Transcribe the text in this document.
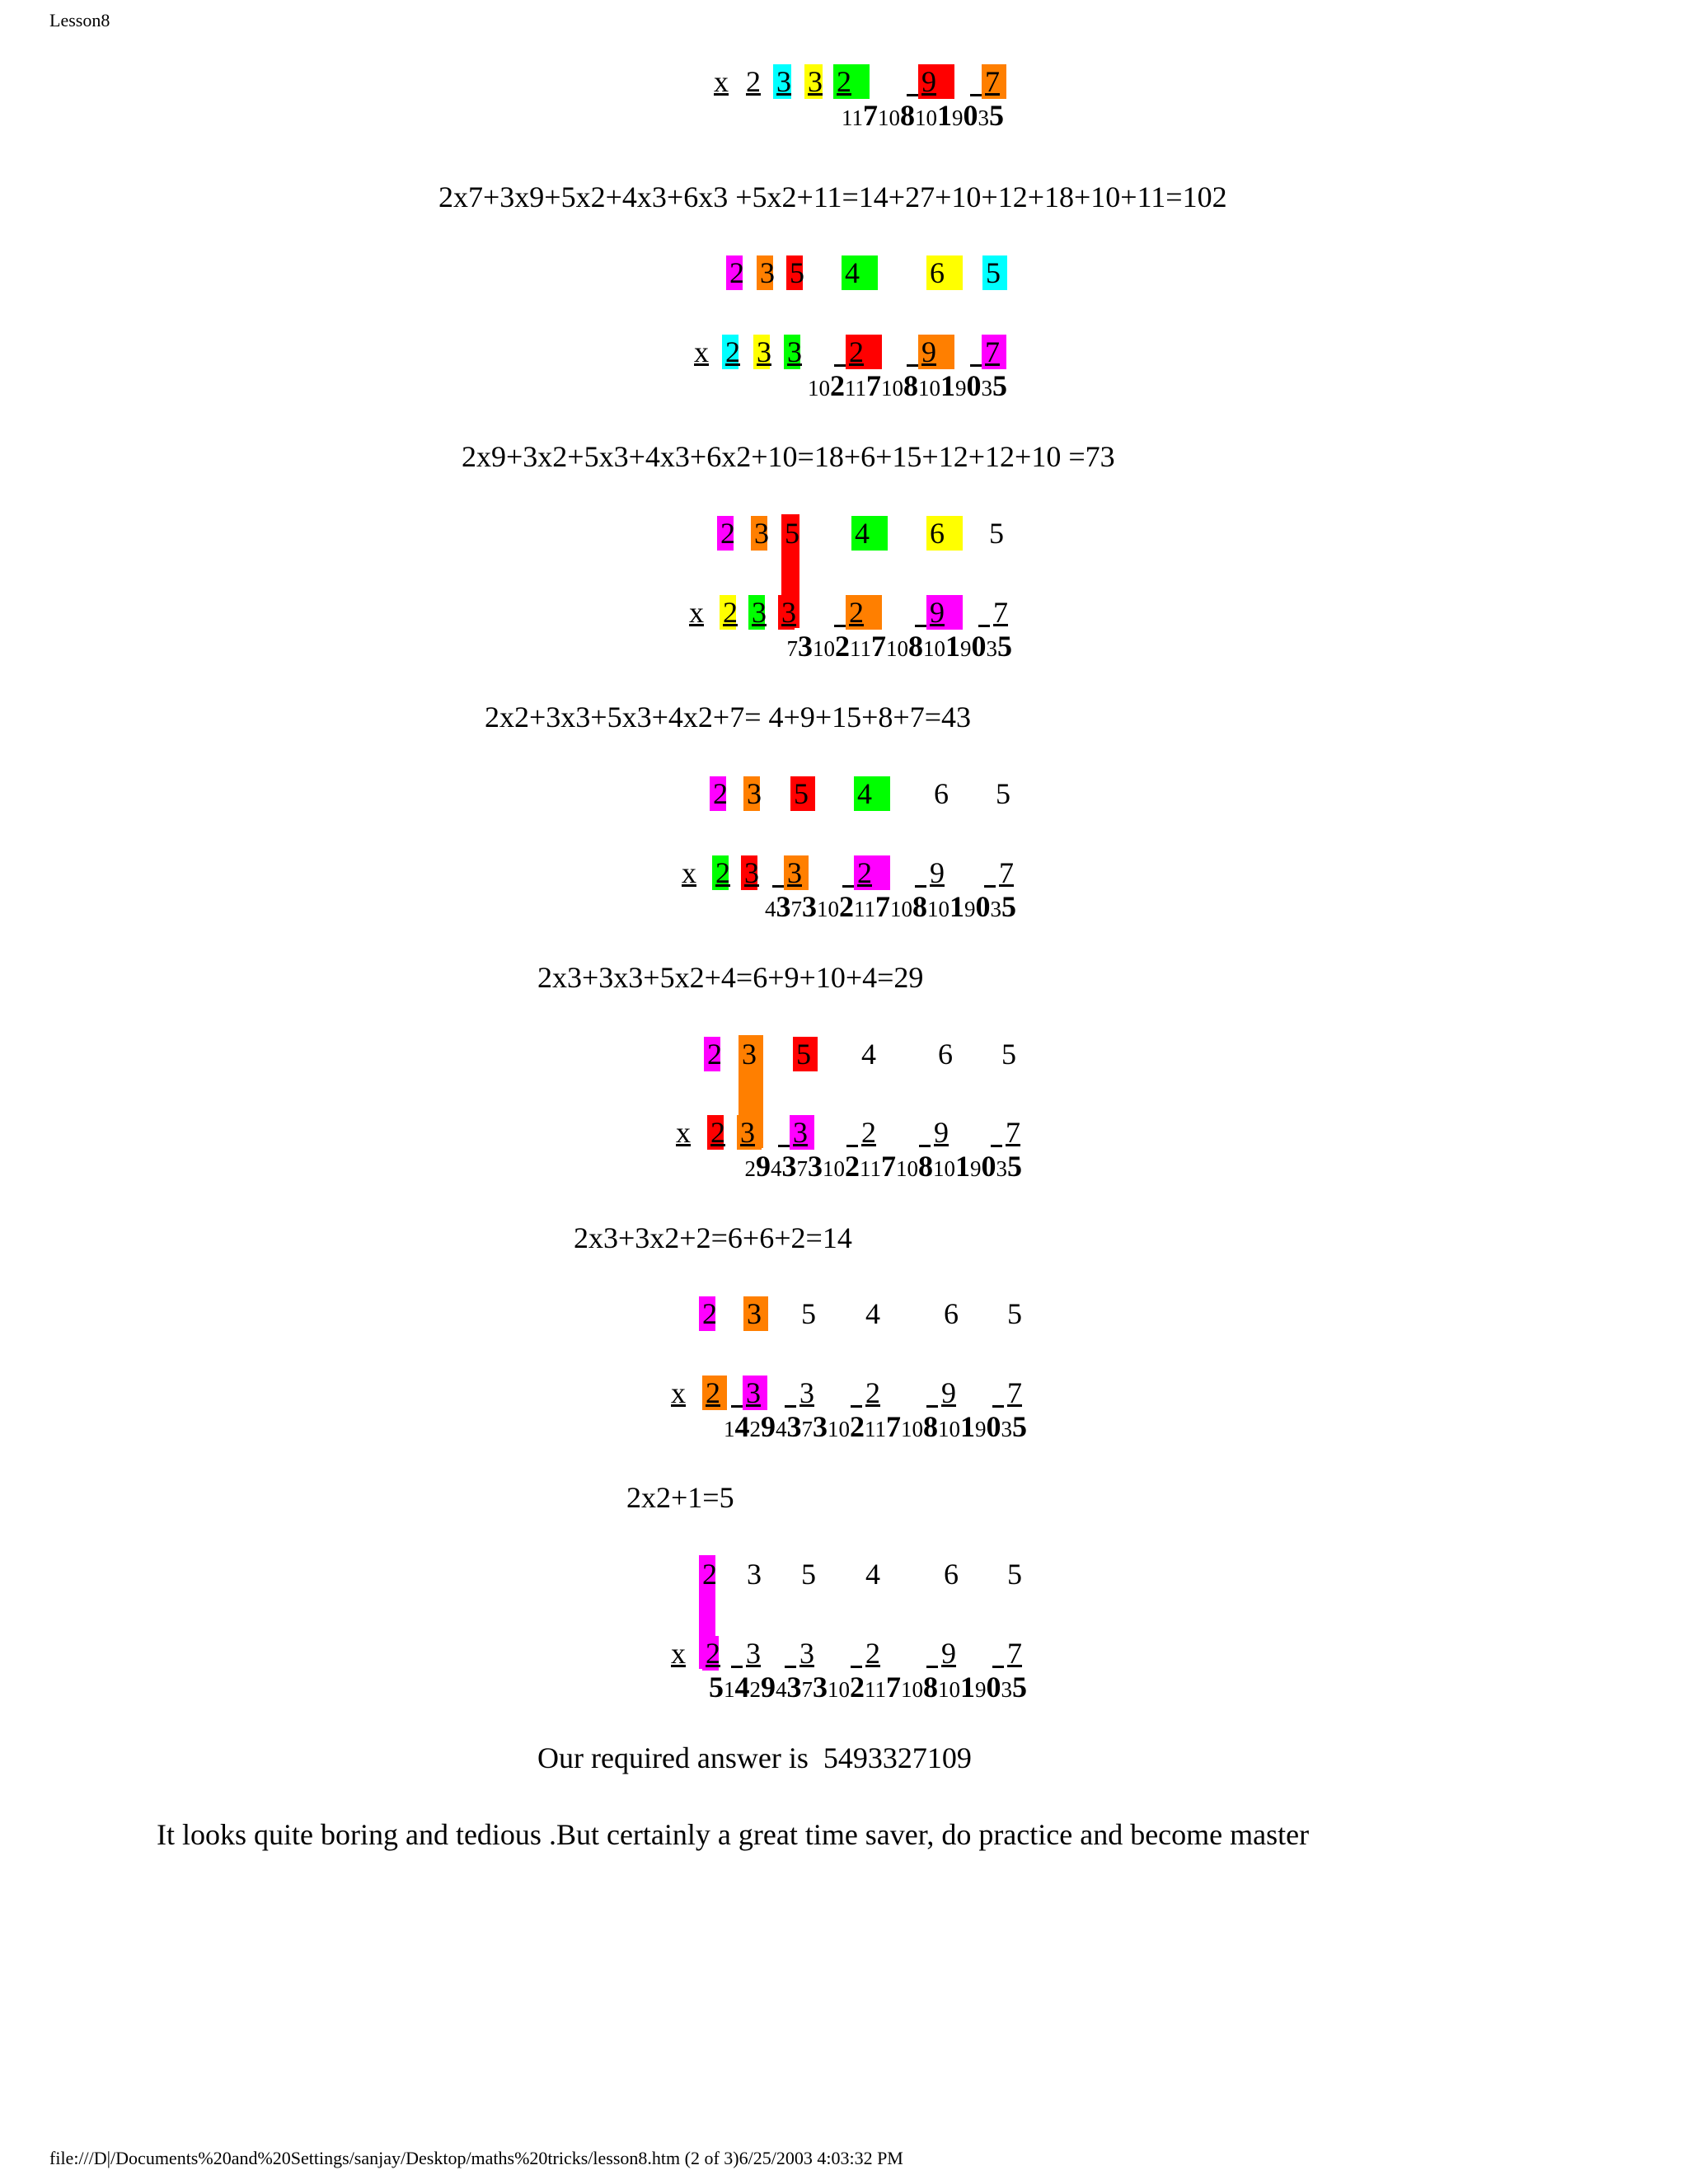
Lesson8
x 2 3 3 2 9 7
1171081019035
2x7+3x9+5x2+4x3+6x3 +5x2+11=14+27+10+12+18+10+11=102
2 3 5 4 6 5
x 2 3 3 2 9 7
1021171081019035
2x9+3x2+5x3+4x3+6x2+10=18+6+15+12+12+10 =73
2 3 5 4 6 5
x 2 3 3 2 9 7
731021171081019035
2x2+3x3+5x3+4x2+7= 4+9+15+8+7=43
2 3 5 4 6 5
x 2 3 3 2 9 7
43731021171081019035
2x3+3x3+5x2+4=6+9+10+4=29
2 3 5 4 6 5
x 2 3 3 2 9 7
2943731021171081019035
2x3+3x2+2=6+6+2=14
2 3 5 4 6 5
x 2 3 3 2 9 7
142943731021171081019035
2x2+1=5
2 3 5 4 6 5
x 2 3 3 2 9 7
5142943731021171081019035
Our required answer is 5493327109
It looks quite boring and tedious .But certainly a great time saver, do practice and become master
file:///D|/Documents%20and%20Settings/sanjay/Desktop/maths%20tricks/lesson8.htm (2 of 3)6/25/2003 4:03:32 PM
